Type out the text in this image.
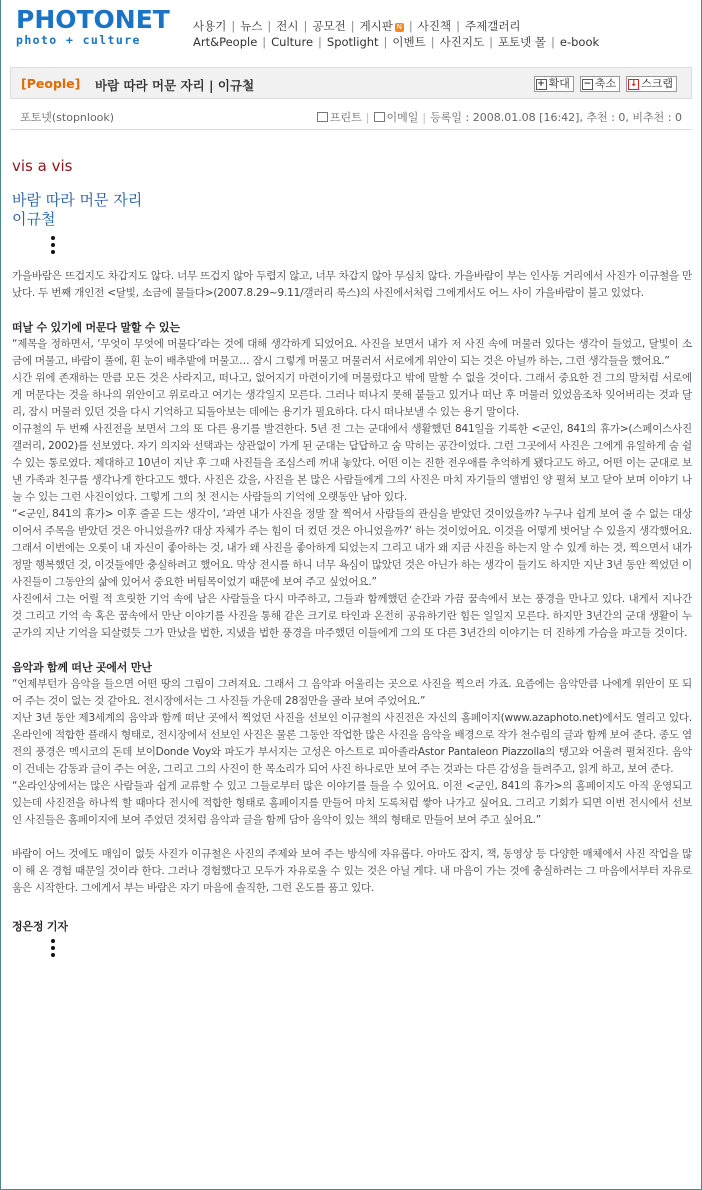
PHOTONET
photo + culture
사용기 | 뉴스 | 전시 | 공모전 | 게시판 N | 사진책 | 주제갤러리
Art&People | Culture | Spotlight | 이벤트 | 사진지도 | 포토넷 몰 | e-book
[People] 바람 따라 머문 자리 | 이규철	+ 확대 − 축소 ↓ 스크랩
포토넷(stopnlook)	프린트 |	이메일 | 등록일 : 2008.01.08 [16:42] , 추천 : 0 , 비추천 : 0
vis a vis
바람 따라 머문 자리
이규철

가을바람은 뜨겁지도 차갑지도 않다. 너무 뜨겁지 않아 두렵지 않고, 너무 차갑지 않아 무심치 않다. 가을바람이 부는 인사동 거리에서 사진가 이규철을 만났다. 두 번째 개인전 <달빛, 소금에 물들다>(2007.8.29~9.11/갤러리 룩스)의 사진에서처럼 그에게서도 어느 사이 가을바람이 불고 있었다.

떠날 수 있기에 머문다 말할 수 있는

“제목을 정하면서, ‘무엇이 무엇에 머물다’라는 것에 대해 생각하게 되었어요. 사진을 보면서 내가 저 사진 속에 머물러 있다는 생각이 들었고, 달빛이 소금에 머물고, 바람이 풀에, 흰 눈이 배추밭에 머물고… 잠시 그렇게 머물고 머물러서 서로에게 위안이 되는 것은 아닐까 하는, 그런 생각들을 했어요.”

시간 위에 존재하는 만큼 모든 것은 사라지고, 떠나고, 없어지기 마련이기에 머물렀다고 밖에 말할 수 없을 것이다. 그래서 중요한 건 그의 말처럼 서로에게 머문다는 것을 하나의 위안이고 위로라고 여기는 생각일지 모른다. 그러나 떠나지 못해 붙들고 있거나 떠난 후 머물러 있었음조차 잊어버리는 것과 달리, 잠시 머물러 있던 것을 다시 기억하고 되돌아보는 데에는 용기가 필요하다. 다시 떠나보낼 수 있는 용기 말이다.

이규철의 두 번째 사진전을 보면서 그의 또 다른 용기를 발견한다. 5년 전 그는 군대에서 생활했던 841일을 기록한 <군인, 841의 휴가>(스페이스사진 갤러리, 2002)를 선보였다. 자기 의지와 선택과는 상관없이 가게 된 군대는 답답하고 숨 막히는 공간이었다. 그런 그곳에서 사진은 그에게 유일하게 숨 쉴 수 있는 통로였다. 제대하고 10년이 지난 후 그때 사진들을 조심스레 꺼내 놓았다. 어떤 이는 진한 전우애를 추억하게 됐다고도 하고, 어떤 이는 군대로 보낸 가족과 친구를 생각나게 한다고도 했다. 사진은 갔을, 사진을 본 많은 사람들에게 그의 사진은 마치 자기들의 앨범인 양 펼쳐 보고 닫아 보며 이야기 나눌 수 있는 그런 사진이었다. 그렇게 그의 첫 전시는 사람들의 기억에 오랫동안 남아 있다.

“<군인, 841의 휴가> 이후 줄곧 드는 생각이, ‘과연 내가 사진을 정말 잘 찍어서 사람들의 관심을 받았던 것이었을까? 누구나 쉽게 보여 줄 수 없는 대상이어서 주목을 받았던 것은 아니었을까? 대상 자체가 주는 힘이 더 컸던 것은 아니었을까?’ 하는 것이었어요. 이것을 어떻게 벗어날 수 있을지 생각했어요. 그래서 이번에는 오롯이 내 자신이 좋아하는 것, 내가 왜 사진을 좋아하게 되었는지 그리고 내가 왜 지금 사진을 하는지 알 수 있게 하는 것, 찍으면서 내가 정말 행복했던 것, 이것들에만 충실하려고 했어요. 막상 전시를 하니 너무 욕심이 많았던 것은 아닌가 하는 생각이 들기도 하지만 지난 3년 동안 찍었던 이 사진들이 그동안의 삶에 있어서 중요한 버팀목이었기 때문에 보여 주고 싶었어요.”

사진에서 그는 어릴 적 흐릿한 기억 속에 남은 사람들을 다시 마주하고, 그들과 함께했던 순간과 가끔 꿈속에서 보는 풍경을 만나고 있다. 내게서 지나간 것 그리고 기억 속 혹은 꿈속에서 만난 이야기를 사진을 통해 같은 크기로 타인과 온전히 공유하기란 힘든 일일지 모른다. 하지만 3년간의 군대 생활이 누군가의 지난 기억을 되살렸듯 그가 만났을 법한, 지냈을 법한 풍경을 마주했던 이들에게 그의 또 다른 3년간의 이야기는 더 진하게 가슴을 파고들 것이다.

음악과 함께 떠난 곳에서 만난

“언제부턴가 음악을 들으면 어떤 땅의 그림이 그려져요. 그래서 그 음악과 어울리는 곳으로 사진을 찍으러 가죠. 요즘에는 음악만큼 나에게 위안이 또 되어 주는 것이 없는 것 같아요. 전시장에서는 그 사진들 가운데 28점만을 골라 보여 주었어요.”

지난 3년 동안 제3세계의 음악과 함께 떠난 곳에서 찍었던 사진을 선보인 이규철의 사진전은 자신의 홈페이지(www.azaphoto.net)에서도 열리고 있다. 온라인에 적합한 플래시 형태로, 전시장에서 선보인 사진은 물론 그동안 작업한 많은 사진을 음악을 배경으로 작가 천수림의 글과 함께 보여 준다. 종도 염전의 풍경은 멕시코의 돈데 보이Donde Voy와 파도가 부서지는 고성은 아스트로 피아졸라Astor Pantaleon Piazzolla의 탱고와 어울려 펼쳐진다. 음악이 건네는 감동과 글이 주는 여운, 그리고 그의 사진이 한 목소리가 되어 사진 하나로만 보여 주는 것과는 다른 감성을 들려주고, 읽게 하고, 보여 준다.

“온라인상에서는 많은 사람들과 쉽게 교류할 수 있고 그들로부터 많은 이야기를 들을 수 있어요. 이전 <군인, 841의 휴가>의 홈페이지도 아직 운영되고 있는데 사진전을 하나씩 할 때마다 전시에 적합한 형태로 홈페이지를 만들어 마치 도록처럼 쌓아 나가고 싶어요. 그리고 기회가 되면 이번 전시에서 선보인 사진들은 홈페이지에 보여 주었던 것처럼 음악과 글을 함께 담아 음악이 있는 책의 형태로 만들어 보여 주고 싶어요.”

바람이 어느 것에도 매임이 없듯 사진가 이규철은 사진의 주제와 보여 주는 방식에 자유롭다. 아마도 잡지, 책, 동영상 등 다양한 매체에서 사진 작업을 많이 해 온 경험 때문일 것이라 한다. 그러나 경험했다고 모두가 자유로울 수 있는 것은 아닐 게다. 내 마음이 가는 것에 충실하려는 그 마음에서부터 자유로움은 시작한다. 그에게서 부는 바람은 자기 마음에 솔직한, 그런 온도를 품고 있다.

정은정 기자
